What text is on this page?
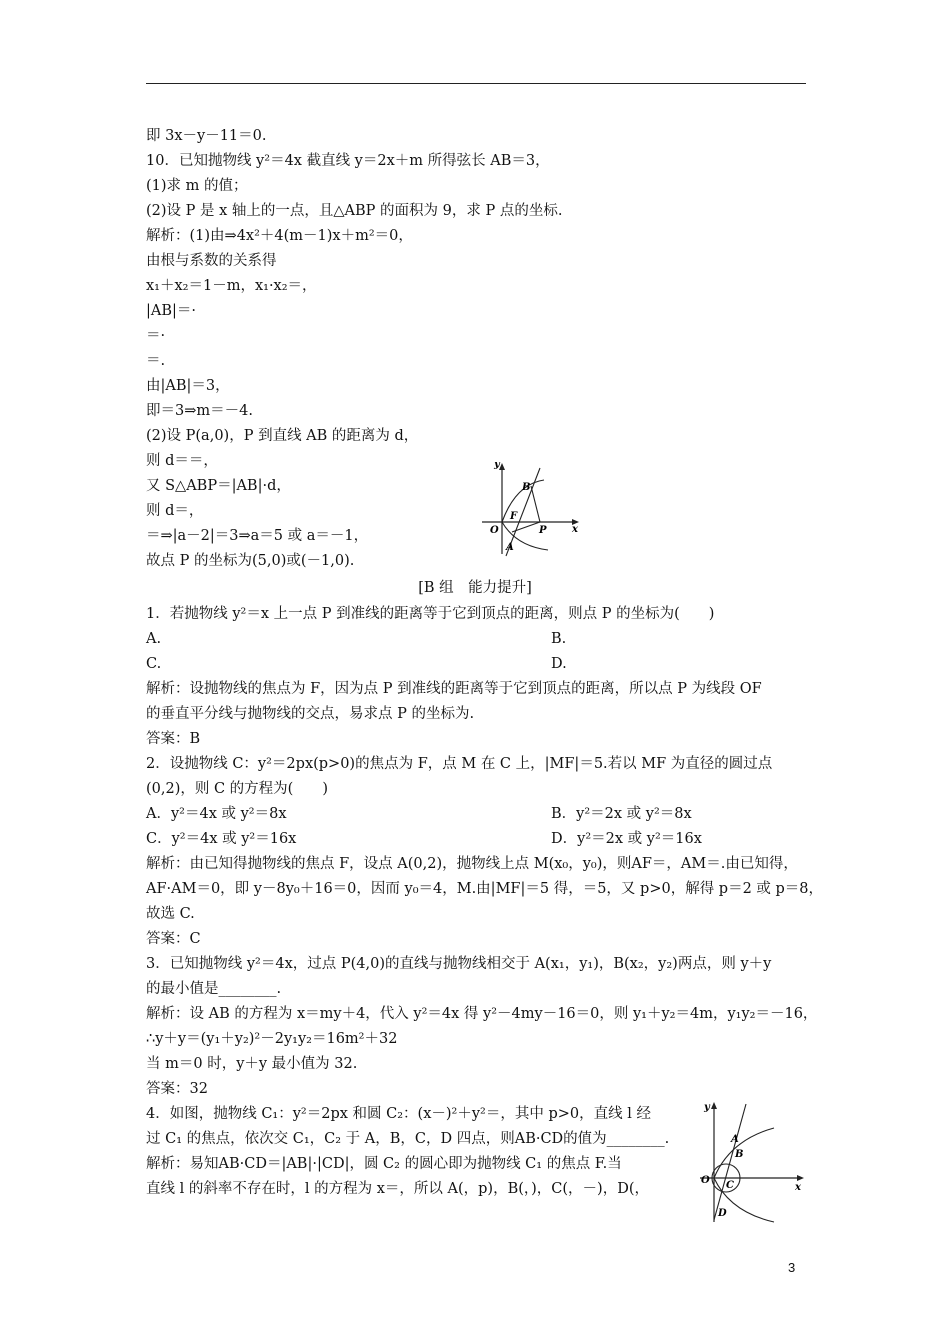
即 3x－y－11＝0.
10．已知抛物线 y²＝4x 截直线 y＝2x＋m 所得弦长 AB＝3，
(1)求 m 的值；
(2)设 P 是 x 轴上的一点，且△ABP 的面积为 9，求 P 点的坐标.
解析：(1)由⇒4x²＋4(m－1)x＋m²＝0，
由根与系数的关系得
x₁＋x₂＝1－m，x₁·x₂＝，
|AB|＝·
＝·
＝.
由|AB|＝3，
即＝3⇒m＝－4.
(2)设 P(a,0)，P 到直线 AB 的距离为 d，
则 d＝＝，
又 S△ABP＝|AB|·d，
则 d＝，
＝⇒|a－2|＝3⇒a＝5 或 a＝－1，
故点 P 的坐标为(5,0)或(－1,0).
y
x
B
F
O	P
A
[B 组　能力提升]
1．若抛物线 y²＝x 上一点 P 到准线的距离等于它到顶点的距离，则点 P 的坐标为(　　)
A.	B.
C.	D.
解析：设抛物线的焦点为 F，因为点 P 到准线的距离等于它到顶点的距离，所以点 P 为线段 OF
的垂直平分线与抛物线的交点，易求点 P 的坐标为.
答案：B
2．设抛物线 C：y²＝2px(p>0)的焦点为 F，点 M 在 C 上，|MF|＝5.若以 MF 为直径的圆过点
(0,2)，则 C 的方程为(　　)
A．y²＝4x 或 y²＝8x	B．y²＝2x 或 y²＝8x
C．y²＝4x 或 y²＝16x	D．y²＝2x 或 y²＝16x
解析：由已知得抛物线的焦点 F，设点 A(0,2)，抛物线上点 M(x₀，y₀)，则AF＝，AM＝.由已知得，
AF·AM＝0，即 y－8y₀＋16＝0，因而 y₀＝4，M.由|MF|＝5 得，＝5，又 p>0，解得 p＝2 或 p＝8，
故选 C.
答案：C
3．已知抛物线 y²＝4x，过点 P(4,0)的直线与抛物线相交于 A(x₁，y₁)，B(x₂，y₂)两点，则 y＋y
的最小值是________.
解析：设 AB 的方程为 x＝my＋4，代入 y²＝4x 得 y²－4my－16＝0，则 y₁＋y₂＝4m，y₁y₂＝－16，
∴y＋y＝(y₁＋y₂)²－2y₁y₂＝16m²＋32
当 m＝0 时，y＋y 最小值为 32.
答案：32
4．如图，抛物线 C₁：y²＝2px 和圆 C₂：(x－)²＋y²＝，其中 p>0，直线 l 经
过 C₁ 的焦点，依次交 C₁，C₂ 于 A，B，C，D 四点，则AB·CD的值为________.
解析：易知AB·CD＝|AB|·|CD|，圆 C₂ 的圆心即为抛物线 C₁ 的焦点 F.当
直线 l 的斜率不存在时，l 的方程为 x＝，所以 A(，p)，B(，)，C(，－)，D(，
y
x
A
B
O C
D
3
